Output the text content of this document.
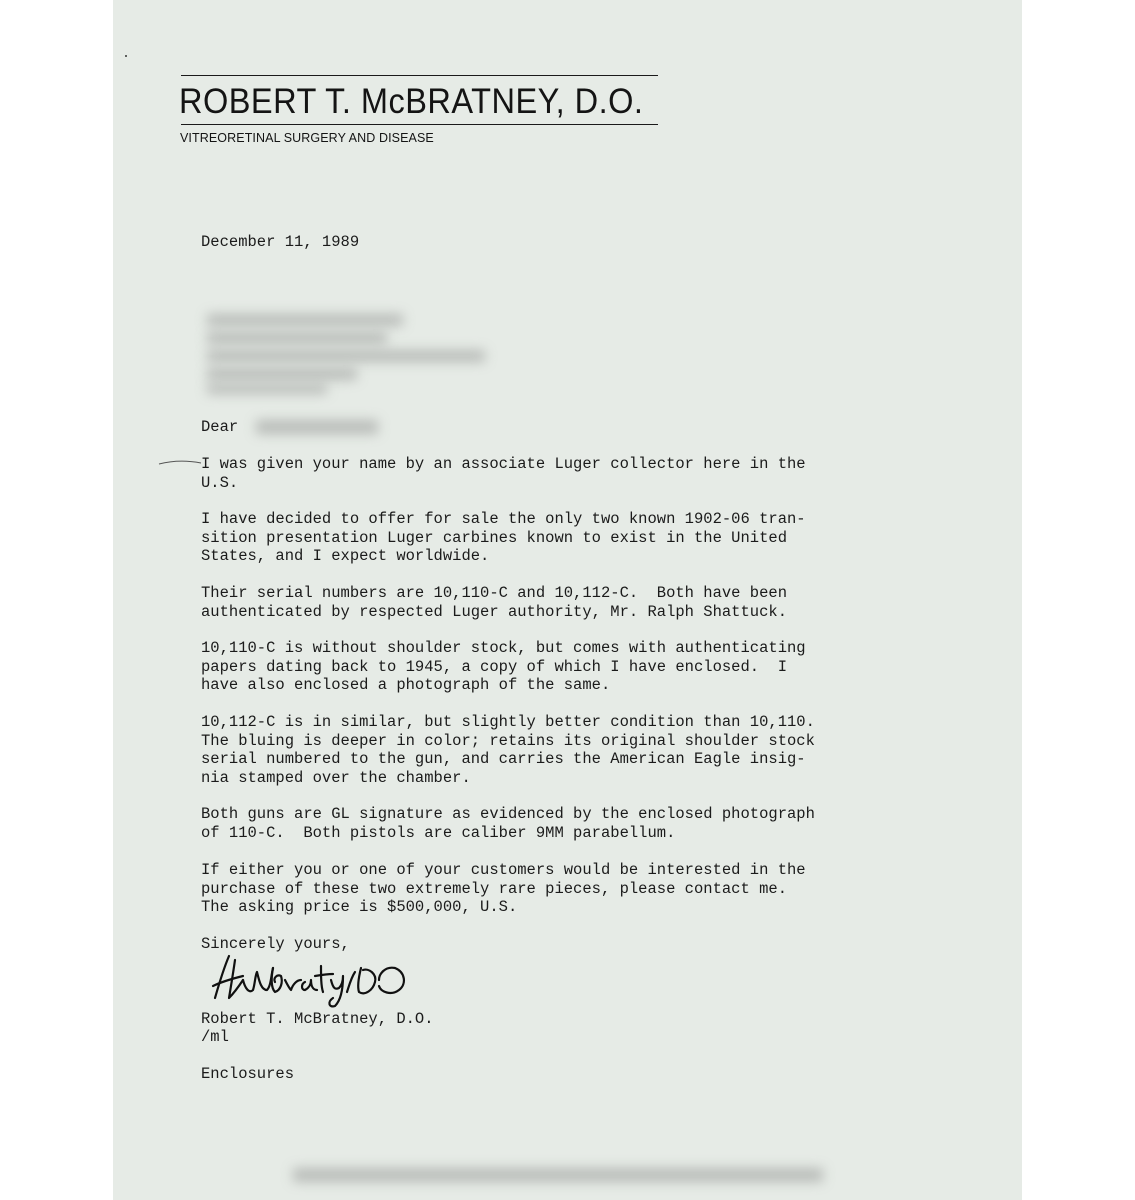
ROBERT T. McBRATNEY, D.O.
VITREORETINAL SURGERY AND DISEASE
December 11, 1989
Dear
I was given your name by an associate Luger collector here in the
U.S.
I have decided to offer for sale the only two known 1902-06 tran-
sition presentation Luger carbines known to exist in the United
States, and I expect worldwide.
Their serial numbers are 10,110-C and 10,112-C.  Both have been
authenticated by respected Luger authority, Mr. Ralph Shattuck.
10,110-C is without shoulder stock, but comes with authenticating
papers dating back to 1945, a copy of which I have enclosed.  I
have also enclosed a photograph of the same.
10,112-C is in similar, but slightly better condition than 10,110.
The bluing is deeper in color; retains its original shoulder stock
serial numbered to the gun, and carries the American Eagle insig-
nia stamped over the chamber.
Both guns are GL signature as evidenced by the enclosed photograph
of 110-C.  Both pistols are caliber 9MM parabellum.
If either you or one of your customers would be interested in the
purchase of these two extremely rare pieces, please contact me.
The asking price is $500,000, U.S.
Sincerely yours,
Robert T. McBratney, D.O.
/ml
Enclosures
